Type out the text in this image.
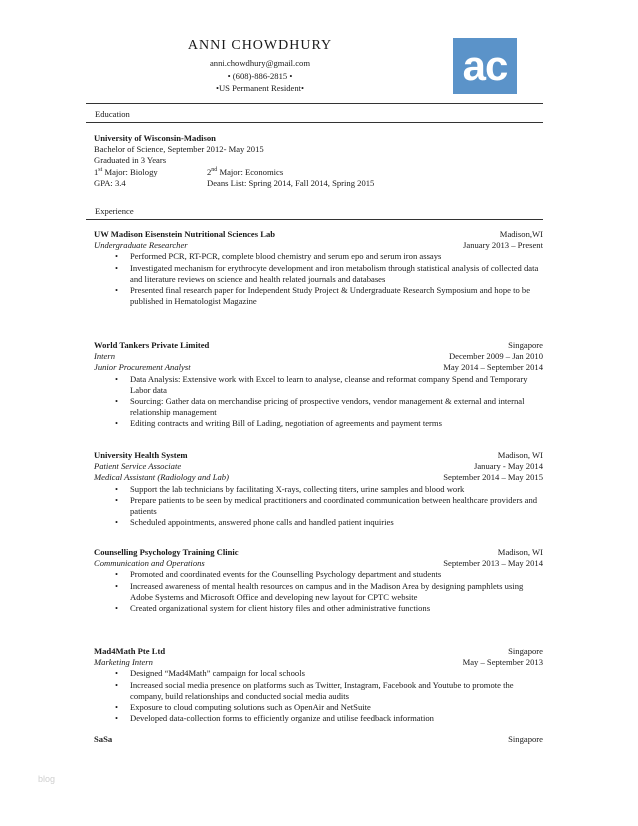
ANNI CHOWDHURY
anni.chowdhury@gmail.com
• (608)-886-2815 •
•US Permanent Resident•	ac
Education
University of Wisconsin-Madison
Bachelor of Science, September 2012- May 2015
Graduated in 3 Years
1st Major: Biology	2nd Major: Economics
GPA: 3.4	Deans List: Spring 2014, Fall 2014, Spring 2015
Experience
UW Madison Eisenstein Nutritional Sciences Lab	Madison,WI
Undergraduate Researcher	January 2013 – Present
• Performed PCR, RT-PCR, complete blood chemistry and serum epo and serum iron assays
• Investigated mechanism for erythrocyte development and iron metabolism through statistical analysis of collected data and literature reviews on science and health related journals and databases
• Presented final research paper for Independent Study Project & Undergraduate Research Symposium and hope to be published in Hematologist Magazine
World Tankers Private Limited	Singapore
Intern	December 2009 – Jan 2010
Junior Procurement Analyst	May 2014 – September 2014
• Data Analysis: Extensive work with Excel to learn to analyse, cleanse and reformat company Spend and Temporary Labor data
• Sourcing: Gather data on merchandise pricing of prospective vendors, vendor management & external and internal relationship management
• Editing contracts and writing Bill of Lading, negotiation of agreements and payment terms
University Health System	Madison, WI
Patient Service Associate	January - May 2014
Medical Assistant (Radiology and Lab)	September 2014 – May 2015
• Support the lab technicians by facilitating X-rays, collecting titers, urine samples and blood work
• Prepare patients to be seen by medical practitioners and coordinated communication between healthcare providers and patients
• Scheduled appointments, answered phone calls and handled patient inquiries
Counselling Psychology Training Clinic	Madison, WI
Communication and Operations	September 2013 – May 2014
• Promoted and coordinated events for the Counselling Psychology department and students
• Increased awareness of mental health resources on campus and in the Madison Area by designing pamphlets using Adobe Systems and Microsoft Office and developing new layout for CPTC website
• Created organizational system for client history files and other administrative functions
Mad4Math Pte Ltd	Singapore
Marketing Intern	May – September 2013
• Designed “Mad4Math” campaign for local schools
• Increased social media presence on platforms such as Twitter, Instagram, Facebook and Youtube to promote the company, build relationships and conducted social media audits
• Exposure to cloud computing solutions such as OpenAir and NetSuite
• Developed data-collection forms to efficiently organize and utilise feedback information
SaSa	Singapore
blog
